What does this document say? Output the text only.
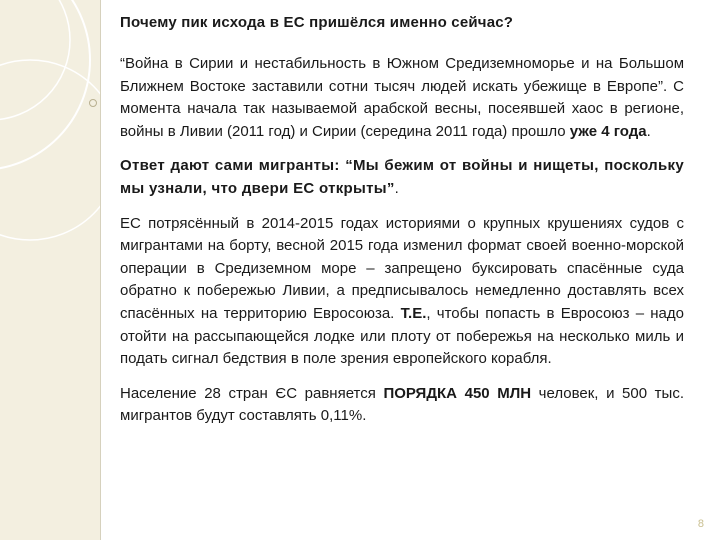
Почему пик исхода в ЕС пришёлся именно сейчас?

“Война в Сирии и нестабильность в Южном Средиземноморье и на Большом Ближнем Востоке заставили сотни тысяч людей искать убежище в Европе”. С момента начала так называемой арабской весны, посеявшей хаос в регионе, войны в Ливии (2011 год) и Сирии (середина 2011 года) прошло уже 4 года.

Ответ дают сами мигранты: “Мы бежим от войны и нищеты, поскольку мы узнали, что двери ЕС открыты”.

ЕС потрясённый в 2014-2015 годах историями о крупных крушениях судов с мигрантами на борту, весной 2015 года изменил формат своей военно-морской операции в Средиземном море – запрещено буксировать спасённые суда обратно к побережью Ливии, а предписывалось немедленно доставлять всех спасённых на территорию Евросоюза. Т.Е., чтобы попасть в Евросоюз – надо отойти на рассыпающейся лодке или плоту от побережья на несколько миль и подать сигнал бедствия в поле зрения европейского корабля.

Население 28 стран ЄС равняется ПОРЯДКА 450 МЛН человек, и 500 тыс. мигрантов будут составлять 0,11%.

8
